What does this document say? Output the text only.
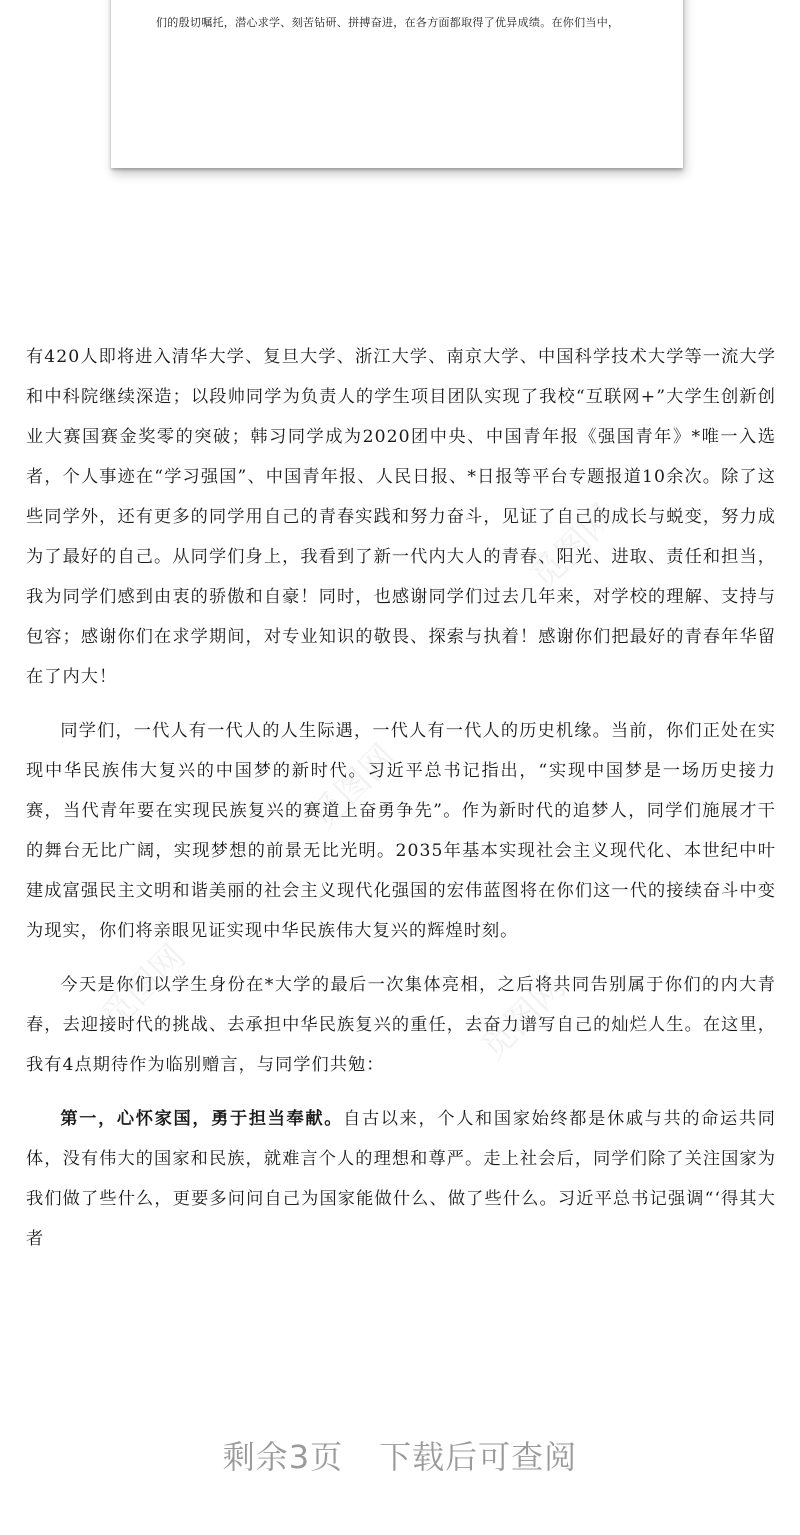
们的殷切嘱托，潜心求学、刻苦钻研、拼搏奋进，在各方面都取得了优异成绩。在你们当中，
觅图网
觅图网
觅图网	觅图网

有420人即将进入清华大学、复旦大学、浙江大学、南京大学、中国科学技术大学等一流大学和中科院继续深造；以段帅同学为负责人的学生项目团队实现了我校“互联网+”大学生创新创业大赛国赛金奖零的突破；韩习同学成为2020团中央、中国青年报《强国青年》*唯一入选者，个人事迹在“学习强国”、中国青年报、人民日报、*日报等平台专题报道10余次。除了这些同学外，还有更多的同学用自己的青春实践和努力奋斗，见证了自己的成长与蜕变，努力成为了最好的自己。从同学们身上，我看到了新一代内大人的青春、阳光、进取、责任和担当，我为同学们感到由衷的骄傲和自豪！同时，也感谢同学们过去几年来，对学校的理解、支持与包容；感谢你们在求学期间，对专业知识的敬畏、探索与执着！感谢你们把最好的青春年华留在了内大！

同学们，一代人有一代人的人生际遇，一代人有一代人的历史机缘。当前，你们正处在实现中华民族伟大复兴的中国梦的新时代。习近平总书记指出，“实现中国梦是一场历史接力赛，当代青年要在实现民族复兴的赛道上奋勇争先”。作为新时代的追梦人，同学们施展才干的舞台无比广阔，实现梦想的前景无比光明。2035年基本实现社会主义现代化、本世纪中叶建成富强民主文明和谐美丽的社会主义现代化强国的宏伟蓝图将在你们这一代的接续奋斗中变为现实，你们将亲眼见证实现中华民族伟大复兴的辉煌时刻。

今天是你们以学生身份在*大学的最后一次集体亮相，之后将共同告别属于你们的内大青春，去迎接时代的挑战、去承担中华民族复兴的重任，去奋力谱写自己的灿烂人生。在这里，我有4点期待作为临别赠言，与同学们共勉：

第一，心怀家国，勇于担当奉献。自古以来，个人和国家始终都是休戚与共的命运共同体，没有伟大的国家和民族，就难言个人的理想和尊严。走上社会后，同学们除了关注国家为我们做了些什么，更要多问问自己为国家能做什么、做了些什么。习近平总书记强调“‘得其大者

剩余3页 下载后可查阅
